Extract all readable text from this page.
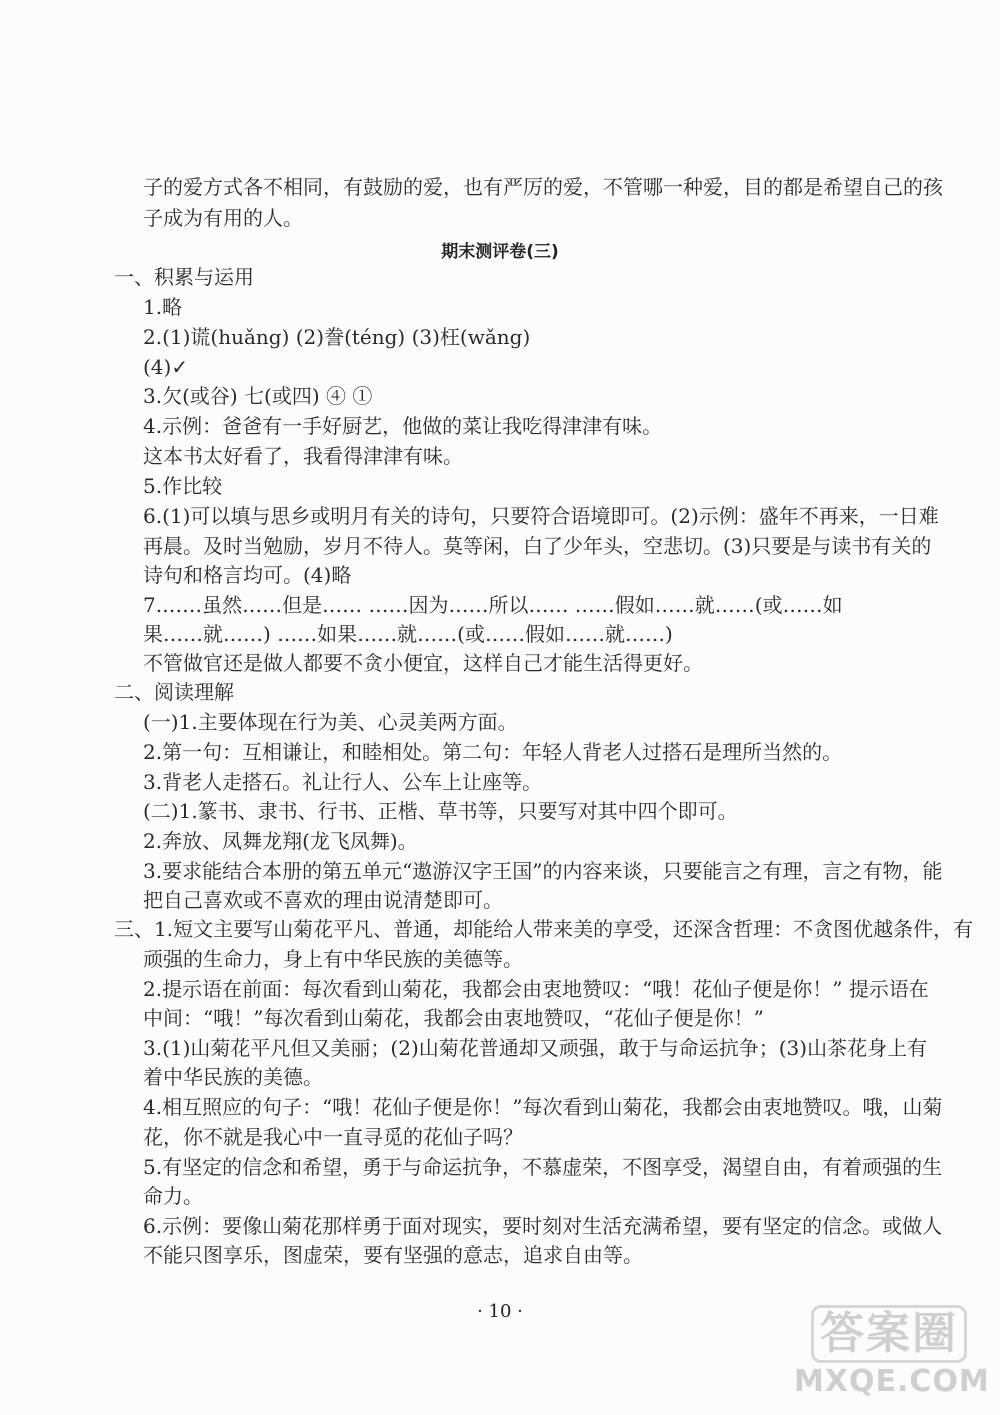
子的爱方式各不相同，有鼓励的爱，也有严厉的爱，不管哪一种爱，目的都是希望自己的孩

子成为有用的人。

期末测评卷(三)

一、积累与运用

1.略

2.(1)谎(huǎng) (2)誊(téng) (3)枉(wǎng)

(4)✓

3.欠(或谷) 七(或四) ④ ①

4.示例：爸爸有一手好厨艺，他做的菜让我吃得津津有味。

这本书太好看了，我看得津津有味。

5.作比较

6.(1)可以填与思乡或明月有关的诗句，只要符合语境即可。(2)示例：盛年不再来，一日难

再晨。及时当勉励，岁月不待人。莫等闲，白了少年头，空悲切。(3)只要是与读书有关的

诗句和格言均可。(4)略

7.……虽然……但是…… ……因为……所以…… ……假如……就……(或……如

果……就……) ……如果……就……(或……假如……就……)

不管做官还是做人都要不贪小便宜，这样自己才能生活得更好。

二、阅读理解

(一)1.主要体现在行为美、心灵美两方面。

2.第一句：互相谦让，和睦相处。第二句：年轻人背老人过搭石是理所当然的。

3.背老人走搭石。礼让行人、公车上让座等。

(二)1.篆书、隶书、行书、正楷、草书等，只要写对其中四个即可。

2.奔放、凤舞龙翔(龙飞凤舞)。

3.要求能结合本册的第五单元“遨游汉字王国”的内容来谈，只要能言之有理，言之有物，能

把自己喜欢或不喜欢的理由说清楚即可。

三、1.短文主要写山菊花平凡、普通，却能给人带来美的享受，还深含哲理：不贪图优越条件，有

顽强的生命力，身上有中华民族的美德等。

2.提示语在前面：每次看到山菊花，我都会由衷地赞叹：“哦！花仙子便是你！” 提示语在

中间：“哦！”每次看到山菊花，我都会由衷地赞叹，“花仙子便是你！”

3.(1)山菊花平凡但又美丽；(2)山菊花普通却又顽强，敢于与命运抗争；(3)山茶花身上有

着中华民族的美德。

4.相互照应的句子：“哦！花仙子便是你！”每次看到山菊花，我都会由衷地赞叹。哦，山菊

花，你不就是我心中一直寻觅的花仙子吗？

5.有坚定的信念和希望，勇于与命运抗争，不慕虚荣，不图享受，渴望自由，有着顽强的生

命力。

6.示例：要像山菊花那样勇于面对现实，要时刻对生活充满希望，要有坚定的信念。或做人

不能只图享乐，图虚荣，要有坚强的意志，追求自由等。

· 10 ·	答案圈
MXQE.COM
